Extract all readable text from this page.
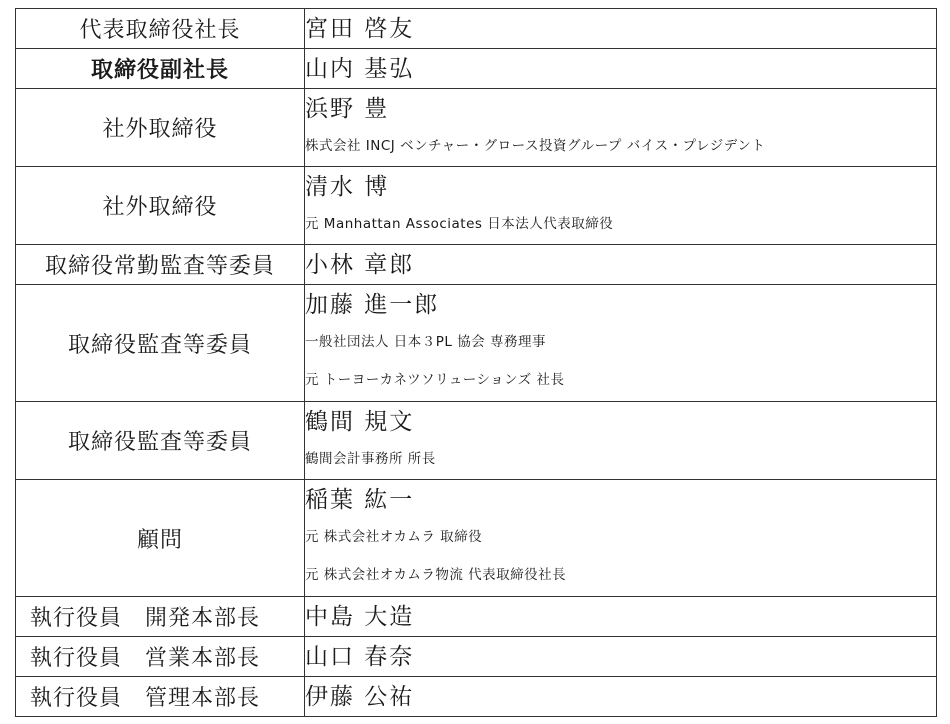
代表取締役社長	宮田 啓友

取締役副社長	山内 基弘

社外取締役	浜野 豊
株式会社 INCJ ベンチャー・グロース投資グループ バイス・プレジデント

社外取締役	清水 博
元 Manhattan Associates 日本法人代表取締役

取締役常勤監査等委員	小林 章郎

取締役監査等委員	加藤 進一郎
一般社団法人 日本３PL 協会 専務理事
元 トーヨーカネツソリューションズ 社長

取締役監査等委員	鶴間 規文
鶴間会計事務所 所長

顧問	稲葉 紘一
元 株式会社オカムラ 取締役
元 株式会社オカムラ物流 代表取締役社長

執行役員　開発本部長	中島 大造

執行役員　営業本部長	山口 春奈

執行役員　管理本部長	伊藤 公祐
